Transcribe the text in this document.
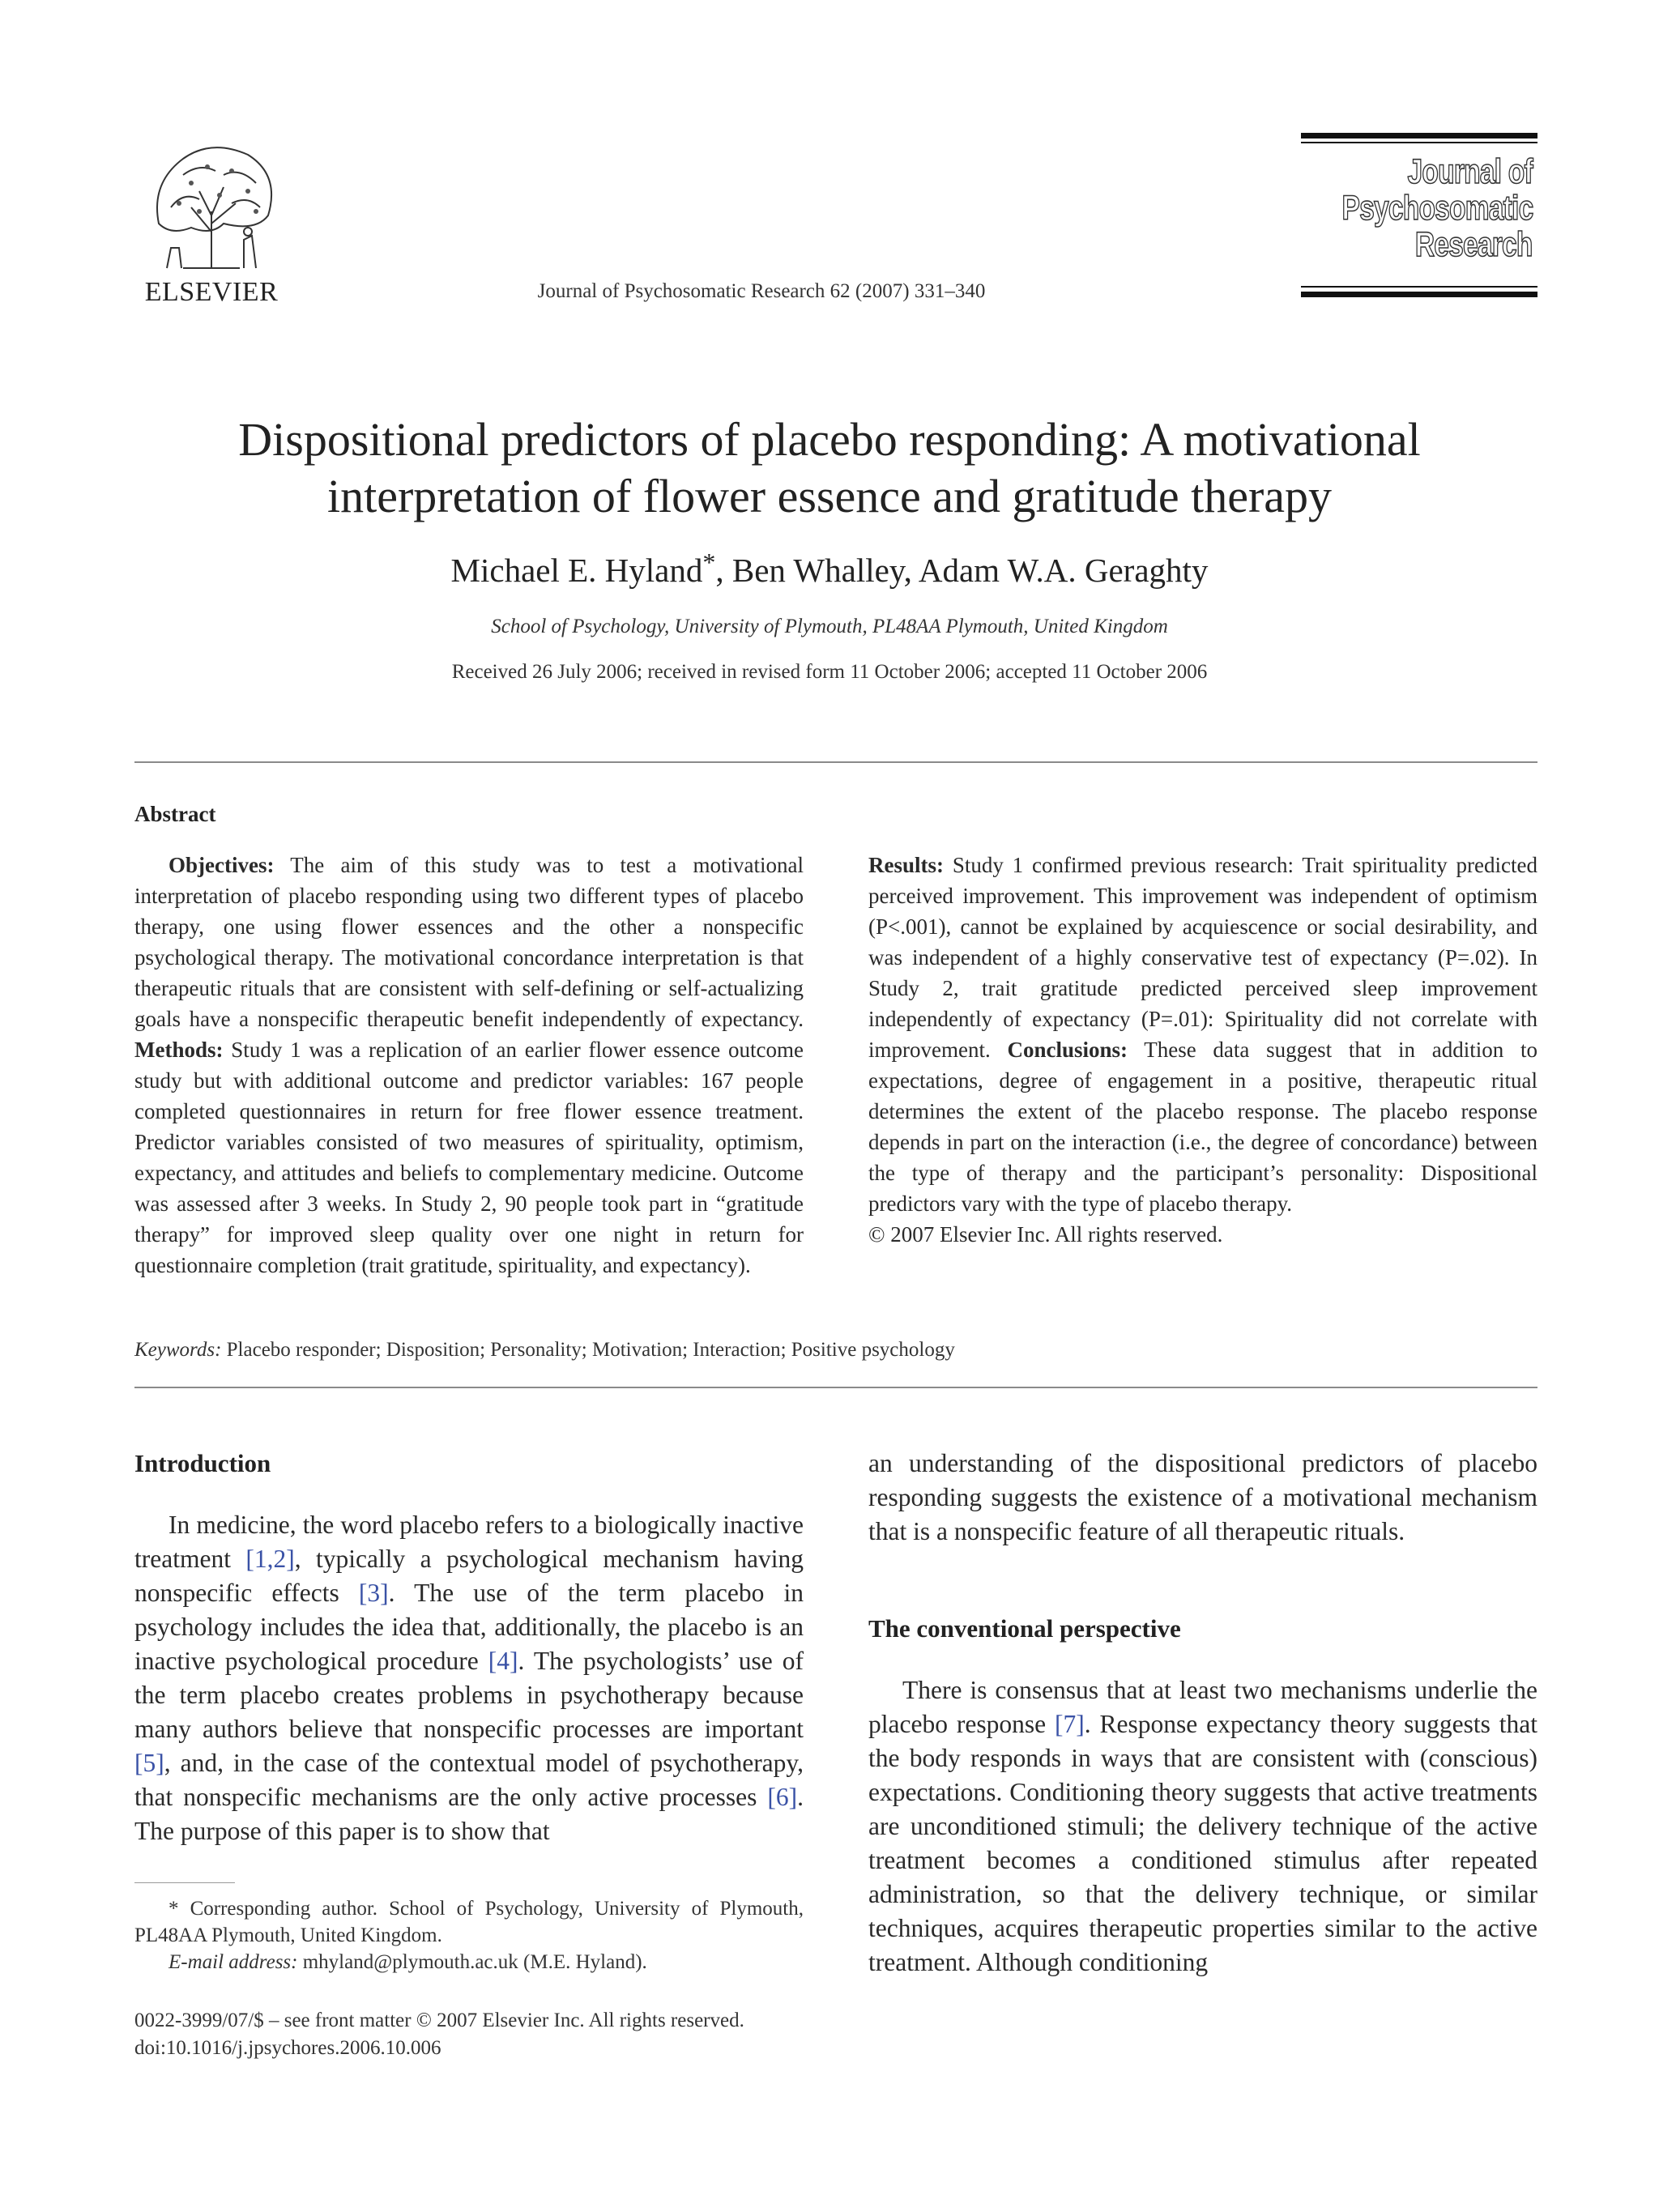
ELSEVIER	Journal of Psychosomatic Research 62 (2007) 331–340
Journal of
Psychosomatic
Research
Dispositional predictors of placebo responding: A motivational
interpretation of flower essence and gratitude therapy
Michael E. Hyland*, Ben Whalley, Adam W.A. Geraghty
School of Psychology, University of Plymouth, PL48AA Plymouth, United Kingdom
Received 26 July 2006; received in revised form 11 October 2006; accepted 11 October 2006
Abstract

Objectives: The aim of this study was to test a motivational interpretation of placebo responding using two different types of placebo therapy, one using flower essences and the other a nonspecific psychological therapy. The motivational concordance interpretation is that therapeutic rituals that are consistent with self-defining or self-actualizing goals have a nonspecific therapeutic benefit independently of expectancy. Methods: Study 1 was a replication of an earlier flower essence outcome study but with additional outcome and predictor variables: 167 people completed questionnaires in return for free flower essence treatment. Predictor variables consisted of two measures of spirituality, optimism, expectancy, and attitudes and beliefs to complementary medicine. Outcome was assessed after 3 weeks. In Study 2, 90 people took part in “gratitude therapy” for improved sleep quality over one night in return for questionnaire completion (trait gratitude, spirituality, and expectancy).

Results: Study 1 confirmed previous research: Trait spirituality predicted perceived improvement. This improvement was independent of optimism (P<.001), cannot be explained by acquiescence or social desirability, and was independent of a highly conservative test of expectancy (P=.02). In Study 2, trait gratitude predicted perceived sleep improvement independently of expectancy (P=.01): Spirituality did not correlate with improvement. Conclusions: These data suggest that in addition to expectations, degree of engagement in a positive, therapeutic ritual determines the extent of the placebo response. The placebo response depends in part on the interaction (i.e., the degree of concordance) between the type of therapy and the participant’s personality: Dispositional predictors vary with the type of placebo therapy.

© 2007 Elsevier Inc. All rights reserved.

Keywords: Placebo responder; Disposition; Personality; Motivation; Interaction; Positive psychology
Introduction

In medicine, the word placebo refers to a biologically inactive treatment [1,2], typically a psychological mechanism having nonspecific effects [3]. The use of the term placebo in psychology includes the idea that, additionally, the placebo is an inactive psychological procedure [4]. The psychologists’ use of the term placebo creates problems in psychotherapy because many authors believe that nonspecific processes are important [5], and, in the case of the contextual model of psychotherapy, that nonspecific mechanisms are the only active processes [6]. The purpose of this paper is to show that

an understanding of the dispositional predictors of placebo responding suggests the existence of a motivational mechanism that is a nonspecific feature of all therapeutic rituals.

The conventional perspective

There is consensus that at least two mechanisms underlie the placebo response [7]. Response expectancy theory suggests that the body responds in ways that are consistent with (conscious) expectations. Conditioning theory suggests that active treatments are unconditioned stimuli; the delivery technique of the active treatment becomes a conditioned stimulus after repeated administration, so that the delivery technique, or similar techniques, acquires therapeutic properties similar to the active treatment. Although conditioning

* Corresponding author. School of Psychology, University of Plymouth, PL48AA Plymouth, United Kingdom.

E-mail address: mhyland@plymouth.ac.uk (M.E. Hyland).

0022-3999/07/$ – see front matter © 2007 Elsevier Inc. All rights reserved.
doi:10.1016/j.jpsychores.2006.10.006
